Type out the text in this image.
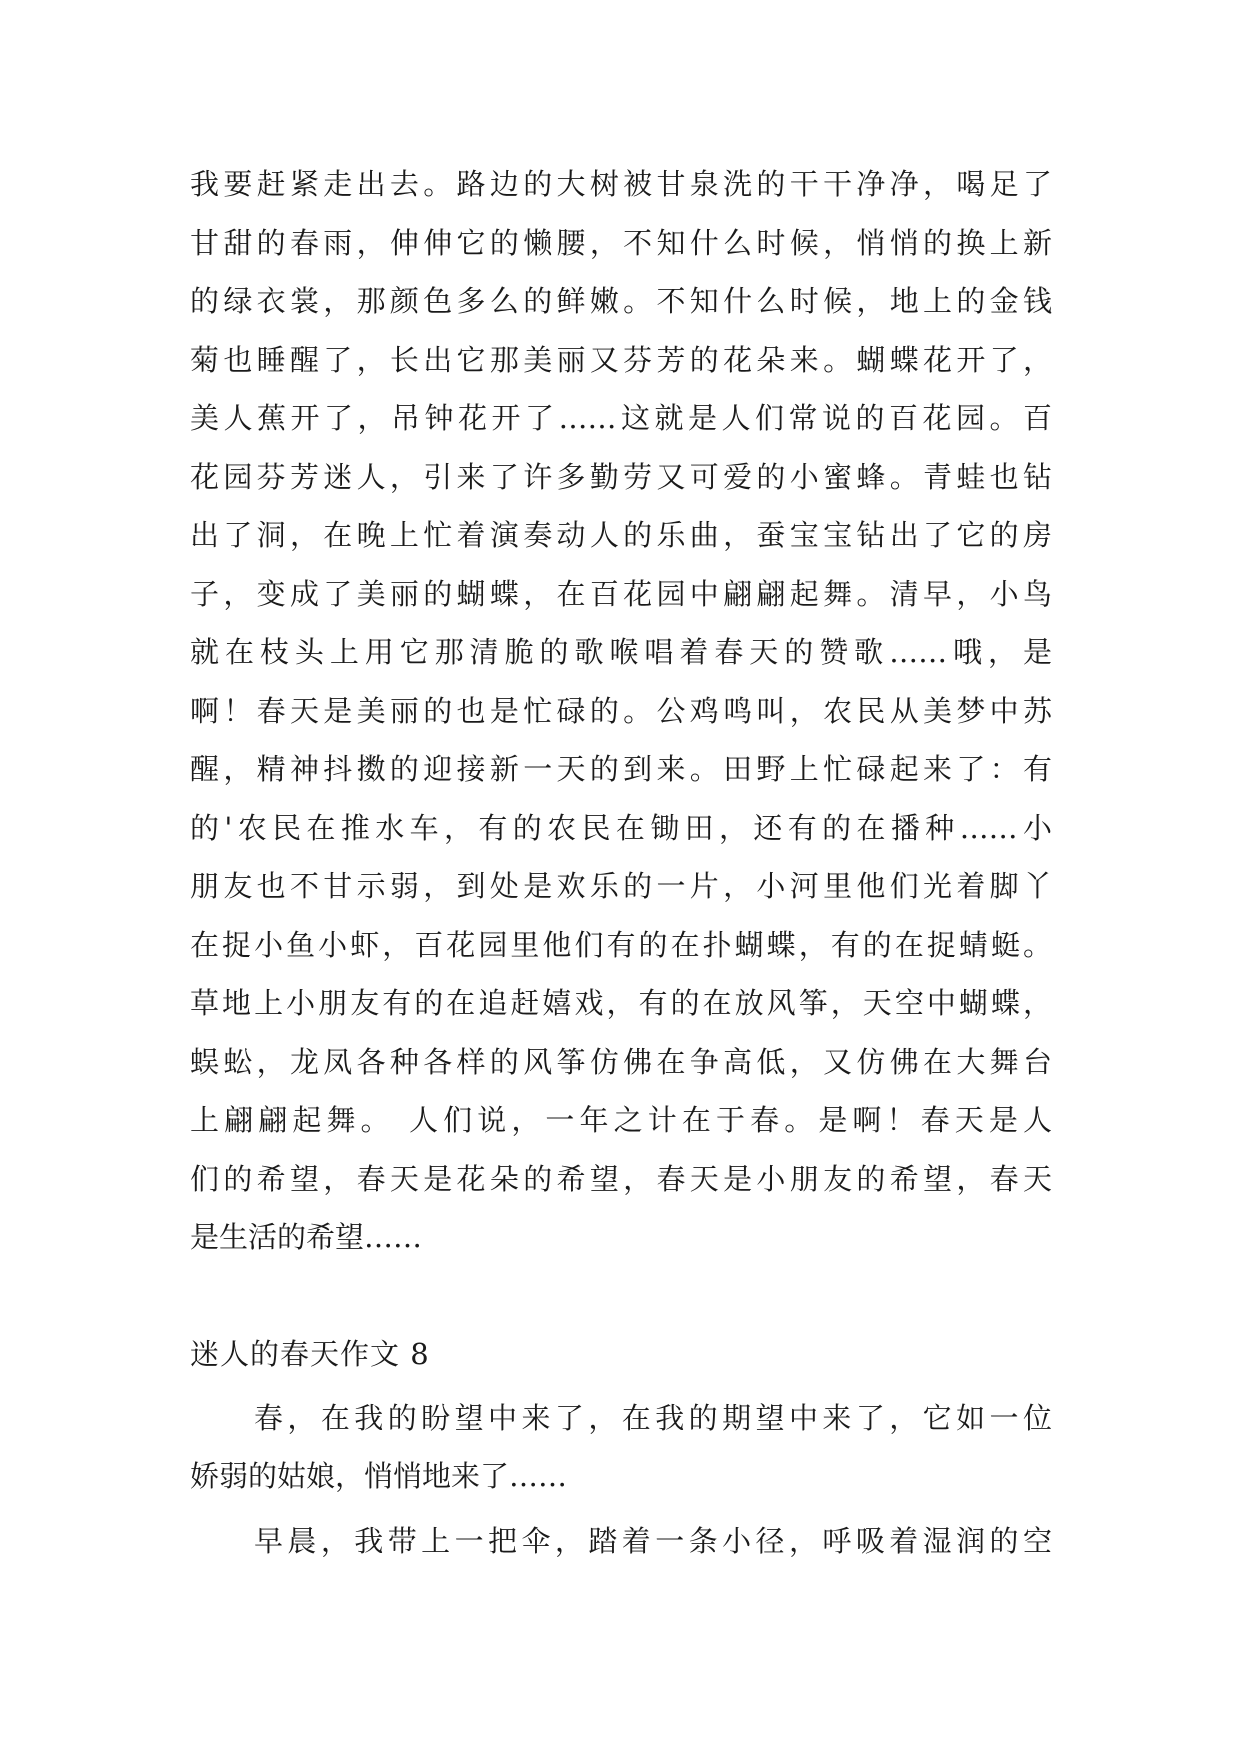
我要赶紧走出去。路边的大树被甘泉洗的干干净净，喝足了
甘甜的春雨，伸伸它的懒腰，不知什么时候，悄悄的换上新
的绿衣裳，那颜色多么的鲜嫩。不知什么时候，地上的金钱
菊也睡醒了，长出它那美丽又芬芳的花朵来。蝴蝶花开了，
美人蕉开了，吊钟花开了……这就是人们常说的百花园。百
花园芬芳迷人，引来了许多勤劳又可爱的小蜜蜂。青蛙也钻
出了洞，在晚上忙着演奏动人的乐曲，蚕宝宝钻出了它的房
子，变成了美丽的蝴蝶，在百花园中翩翩起舞。清早，小鸟
就在枝头上用它那清脆的歌喉唱着春天的赞歌……哦，是
啊！春天是美丽的也是忙碌的。公鸡鸣叫，农民从美梦中苏
醒，精神抖擞的迎接新一天的到来。田野上忙碌起来了：有
的'农民在推水车，有的农民在锄田，还有的在播种……小
朋友也不甘示弱，到处是欢乐的一片，小河里他们光着脚丫
在捉小鱼小虾，百花园里他们有的在扑蝴蝶，有的在捉蜻蜓。
草地上小朋友有的在追赶嬉戏，有的在放风筝，天空中蝴蝶，
蜈蚣，龙凤各种各样的风筝仿佛在争高低，又仿佛在大舞台
上翩翩起舞。 人们说，一年之计在于春。是啊！春天是人
们的希望，春天是花朵的希望，春天是小朋友的希望，春天
是生活的希望……
迷人的春天作文 8
春，在我的盼望中来了，在我的期望中来了，它如一位
娇弱的姑娘，悄悄地来了……
早晨，我带上一把伞，踏着一条小径，呼吸着湿润的空
